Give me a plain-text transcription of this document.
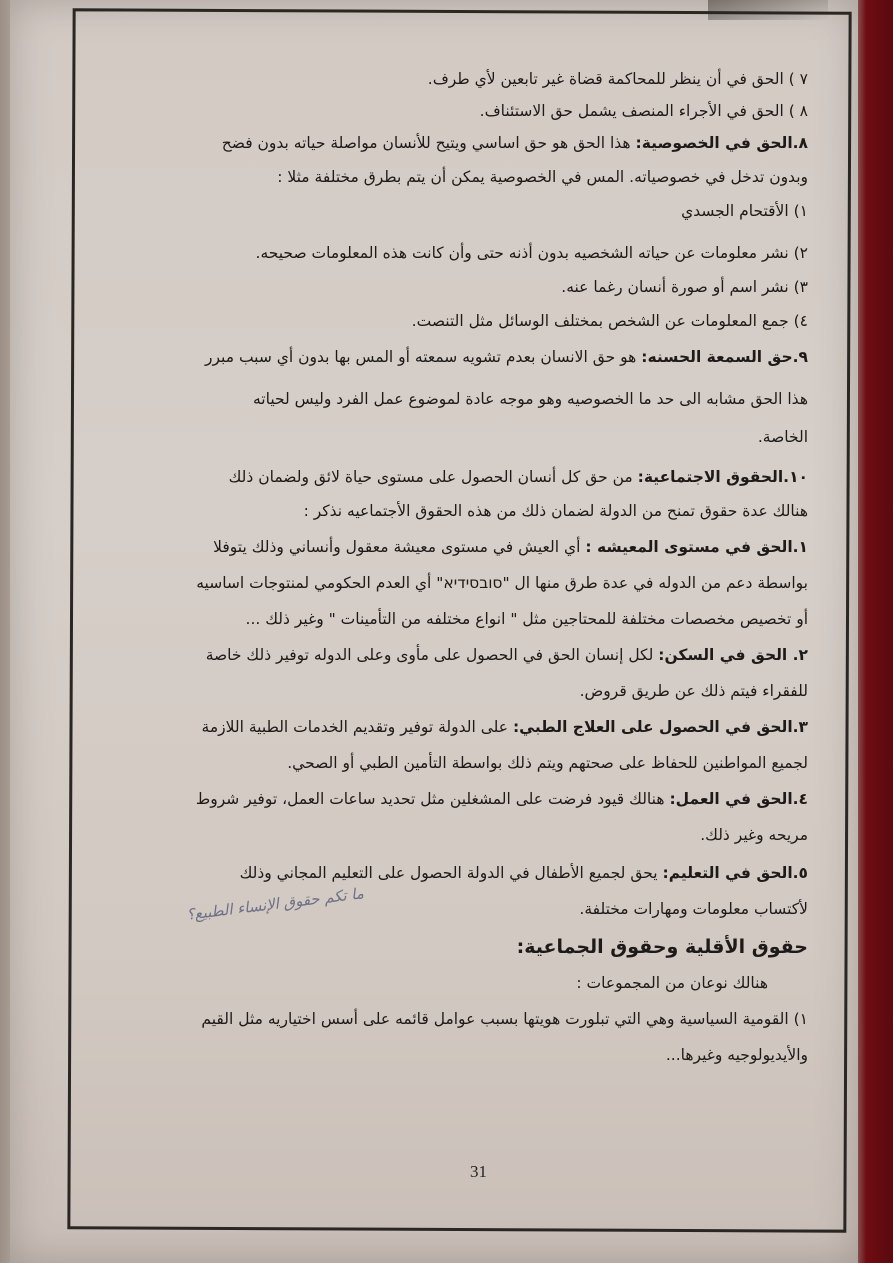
٧ ) الحق في أن ينظر للمحاكمة قضاة غير تابعين لأي طرف.
٨ ) الحق في الأجراء المنصف يشمل حق الاستئناف.
٨.الحق في الخصوصية: هذا الحق هو حق اساسي ويتيح للأنسان مواصلة حياته بدون فضح
وبدون تدخل في خصوصياته. المس في الخصوصية يمكن أن يتم بطرق مختلفة مثلا :
١) الأقتحام الجسدي
٢) نشر معلومات عن حياته الشخصيه بدون أذنه حتى وأن كانت هذه المعلومات صحيحه.
٣) نشر اسم أو صورة أنسان رغما عنه.
٤) جمع المعلومات عن الشخص بمختلف الوسائل مثل التنصت.
٩.حق السمعة الحسنه: هو حق الانسان بعدم تشويه سمعته أو المس بها بدون أي سبب مبرر
هذا الحق مشابه الى حد ما الخصوصيه وهو موجه عادة لموضوع عمل الفرد وليس لحياته
الخاصة.
١٠.الحقوق الاجتماعية: من حق كل أنسان الحصول على مستوى حياة لائق ولضمان ذلك
هنالك عدة حقوق تمنح من الدولة لضمان ذلك من هذه الحقوق الأجتماعيه نذكر :
١.الحق في مستوى المعيشه : أي العيش في مستوى معيشة معقول وأنساني وذلك يتوفلا
بواسطة دعم من الدوله في عدة طرق منها ال "סובסידיא" أي العدم الحكومي لمنتوجات اساسيه
أو تخصيص مخصصات مختلفة للمحتاجين مثل " انواع مختلفه من التأمينات " وغير ذلك ...
٢. الحق في السكن: لكل إنسان الحق في الحصول على مأوى وعلى الدوله توفير ذلك خاصة
للفقراء فيتم ذلك عن طريق قروض.
٣.الحق في الحصول على العلاج الطبي: على الدولة توفير وتقديم الخدمات الطبية اللازمة
لجميع المواطنين للحفاظ على صحتهم ويتم ذلك بواسطة التأمين الطبي أو الصحي.
٤.الحق في العمل: هنالك قيود فرضت على المشغلين مثل تحديد ساعات العمل، توفير شروط
مريحه وغير ذلك.
٥.الحق في التعليم: يحق لجميع الأطفال في الدولة الحصول على التعليم المجاني وذلك
لأكتساب معلومات ومهارات مختلفة.
حقوق الأقلية وحقوق الجماعية:
هنالك نوعان من المجموعات :
١) القومية السياسية وهي التي تبلورت هويتها بسبب عوامل قائمه على أسس اختياريه مثل القيم
والأيديولوجيه وغيرها...
ما تكم حقوق الإنساء الطبيع؟
31
